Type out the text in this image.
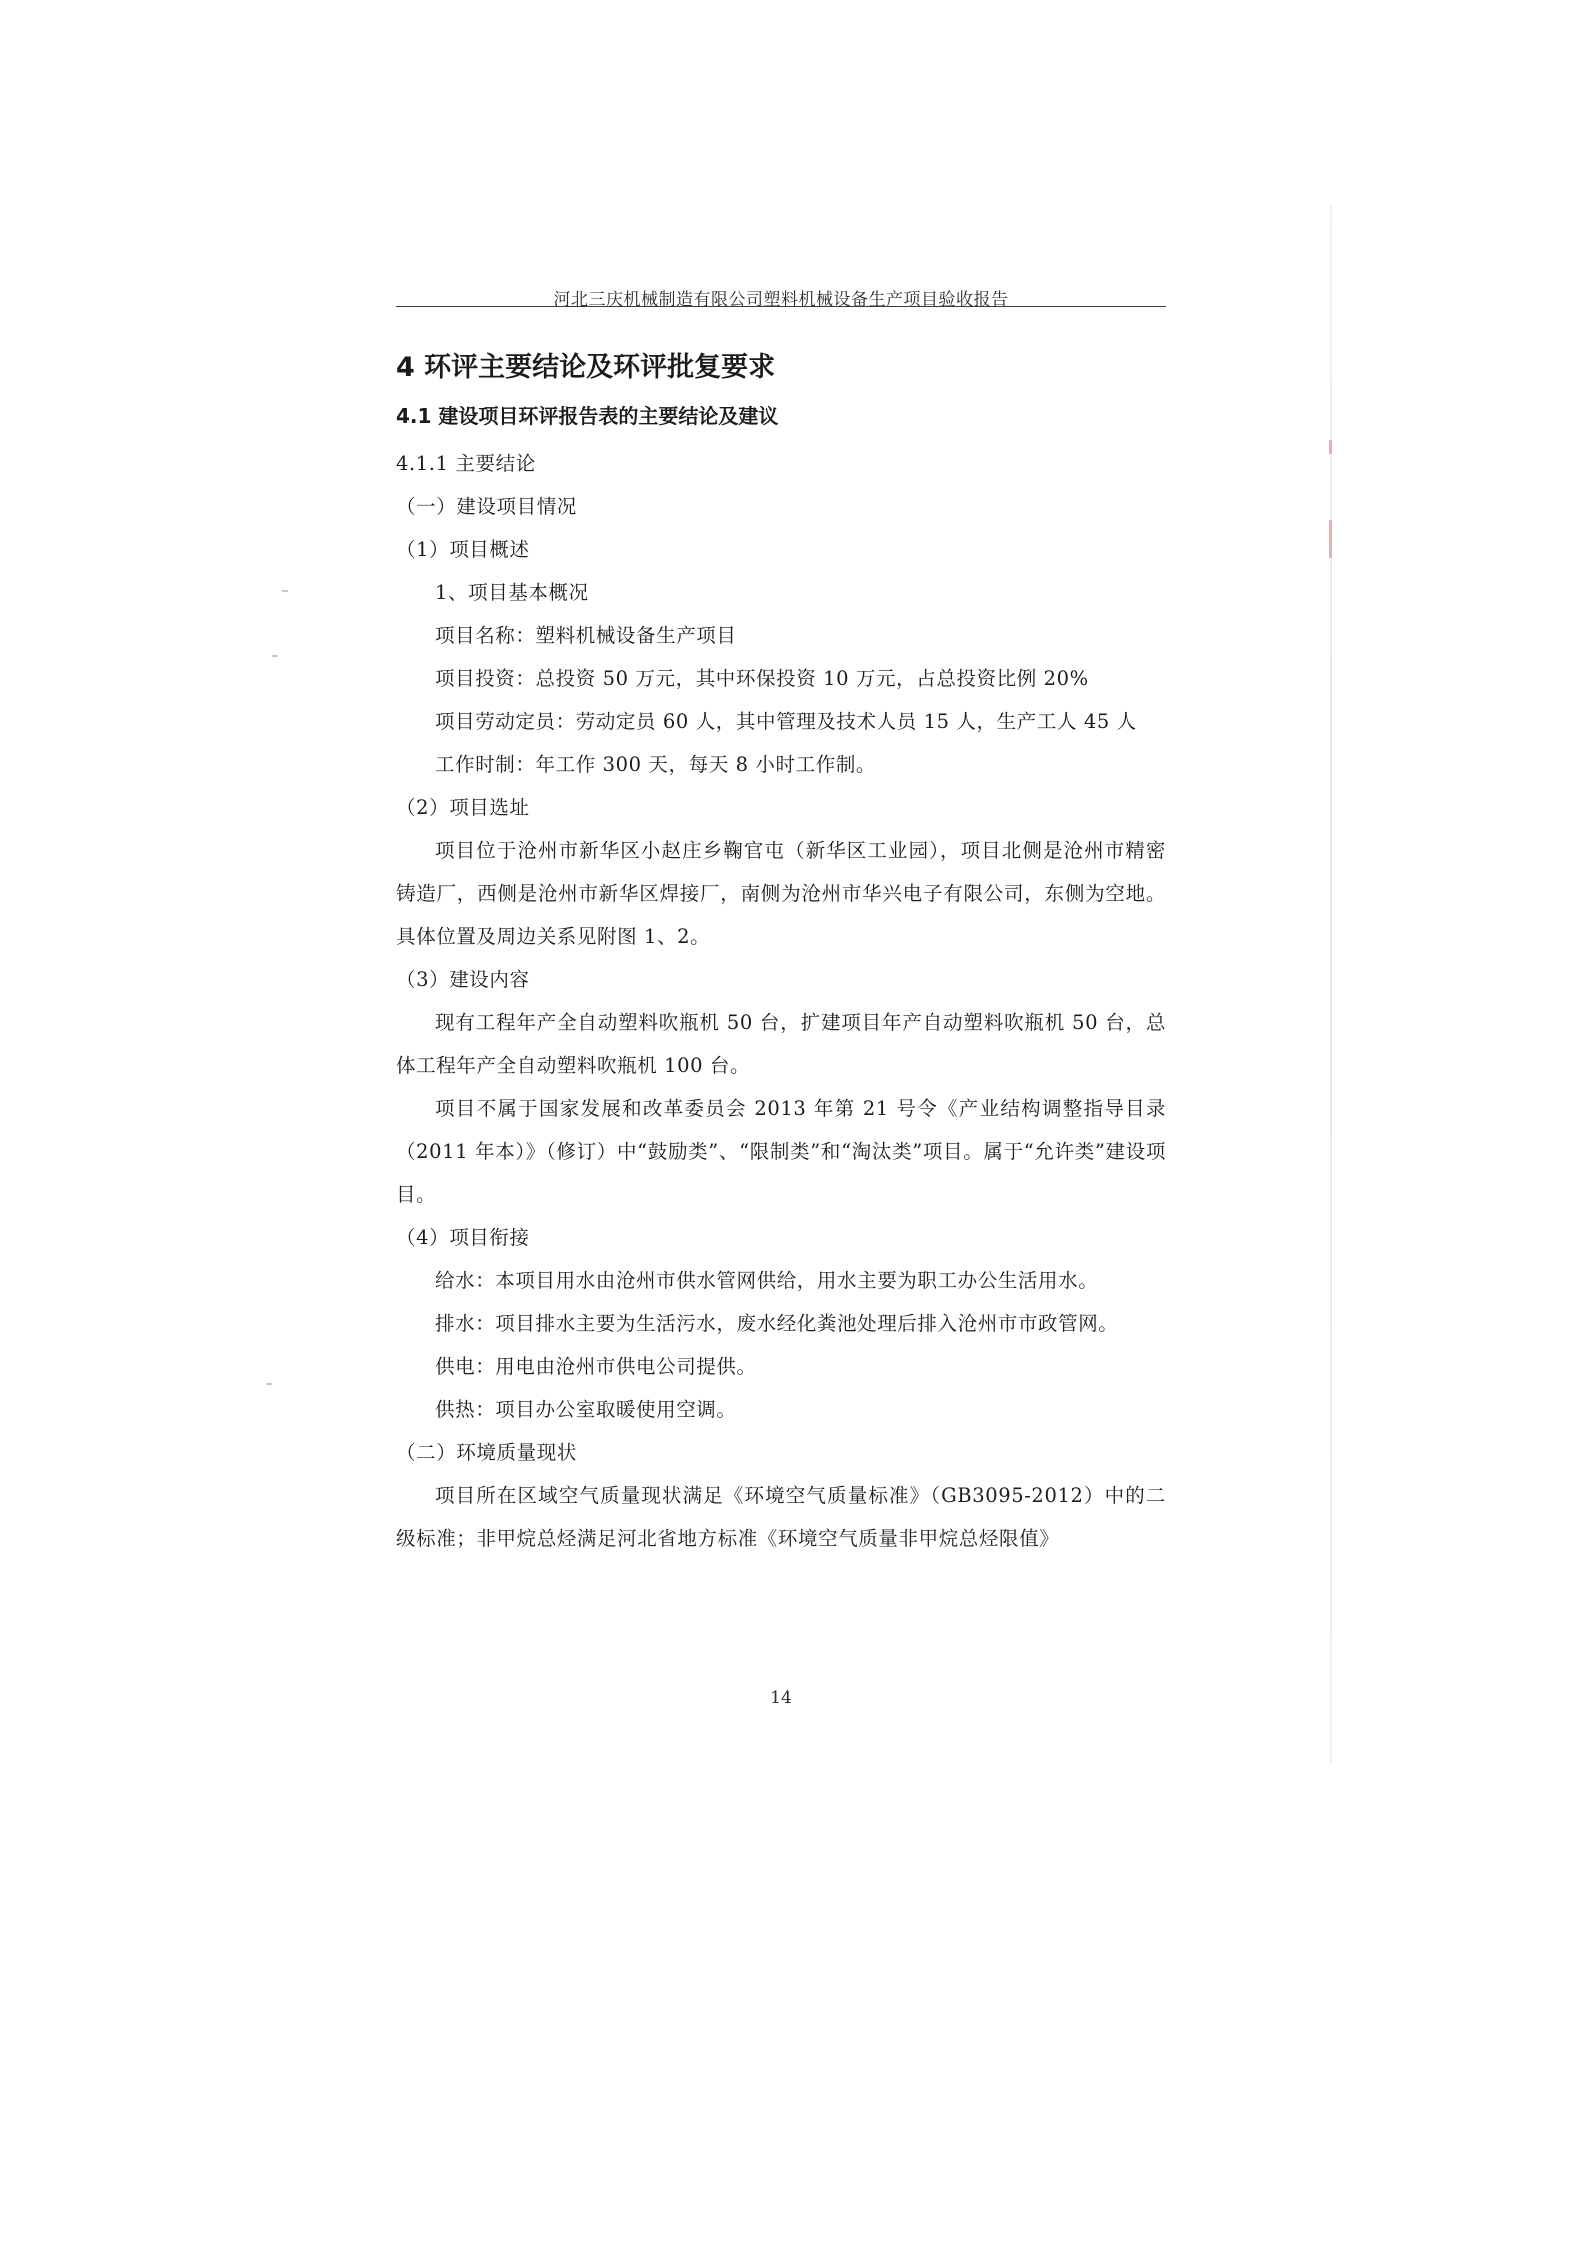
河北三庆机械制造有限公司塑料机械设备生产项目验收报告
4 环评主要结论及环评批复要求
4.1 建设项目环评报告表的主要结论及建议

4.1.1 主要结论

（一）建设项目情况

（1）项目概述

1、项目基本概况

项目名称：塑料机械设备生产项目

项目投资：总投资 50 万元，其中环保投资 10 万元，占总投资比例 20%

项目劳动定员：劳动定员 60 人，其中管理及技术人员 15 人，生产工人 45 人

工作时制：年工作 300 天，每天 8 小时工作制。

（2）项目选址

项目位于沧州市新华区小赵庄乡鞠官屯（新华区工业园），项目北侧是沧州市精密铸造厂，西侧是沧州市新华区焊接厂，南侧为沧州市华兴电子有限公司，东侧为空地。具体位置及周边关系见附图 1、2。

（3）建设内容

现有工程年产全自动塑料吹瓶机 50 台，扩建项目年产自动塑料吹瓶机 50 台，总体工程年产全自动塑料吹瓶机 100 台。

项目不属于国家发展和改革委员会 2013 年第 21 号令《产业结构调整指导目录（2011 年本）》（修订）中“鼓励类”、“限制类”和“淘汰类”项目。属于“允许类”建设项目。

（4）项目衔接

给水：本项目用水由沧州市供水管网供给，用水主要为职工办公生活用水。

排水：项目排水主要为生活污水，废水经化粪池处理后排入沧州市市政管网。

供电：用电由沧州市供电公司提供。

供热：项目办公室取暖使用空调。

（二）环境质量现状

项目所在区域空气质量现状满足《环境空气质量标准》（GB3095-2012）中的二级标准；非甲烷总烃满足河北省地方标准《环境空气质量非甲烷总烃限值》

14
